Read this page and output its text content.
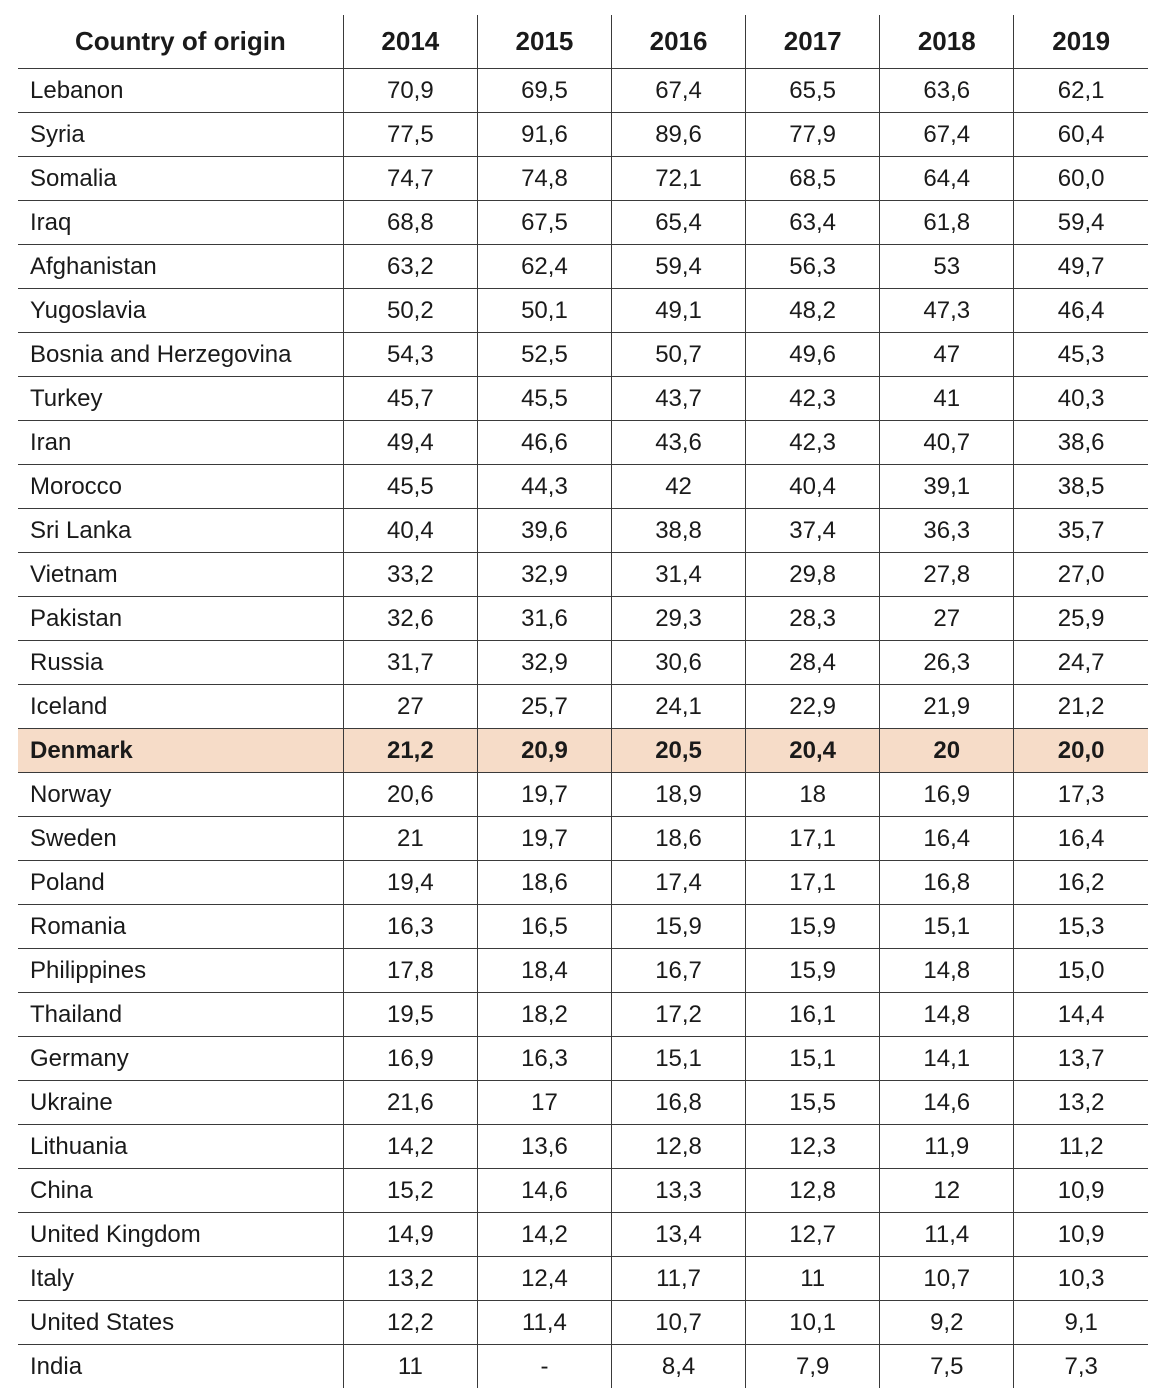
Country of origin	2014	2015	2016	2017	2018	2019
Lebanon	70,9	69,5	67,4	65,5	63,6	62,1
Syria	77,5	91,6	89,6	77,9	67,4	60,4
Somalia	74,7	74,8	72,1	68,5	64,4	60,0
Iraq	68,8	67,5	65,4	63,4	61,8	59,4
Afghanistan	63,2	62,4	59,4	56,3	53	49,7
Yugoslavia	50,2	50,1	49,1	48,2	47,3	46,4
Bosnia and Herzegovina	54,3	52,5	50,7	49,6	47	45,3
Turkey	45,7	45,5	43,7	42,3	41	40,3
Iran	49,4	46,6	43,6	42,3	40,7	38,6
Morocco	45,5	44,3	42	40,4	39,1	38,5
Sri Lanka	40,4	39,6	38,8	37,4	36,3	35,7
Vietnam	33,2	32,9	31,4	29,8	27,8	27,0
Pakistan	32,6	31,6	29,3	28,3	27	25,9
Russia	31,7	32,9	30,6	28,4	26,3	24,7
Iceland	27	25,7	24,1	22,9	21,9	21,2
Denmark	21,2	20,9	20,5	20,4	20	20,0
Norway	20,6	19,7	18,9	18	16,9	17,3
Sweden	21	19,7	18,6	17,1	16,4	16,4
Poland	19,4	18,6	17,4	17,1	16,8	16,2
Romania	16,3	16,5	15,9	15,9	15,1	15,3
Philippines	17,8	18,4	16,7	15,9	14,8	15,0
Thailand	19,5	18,2	17,2	16,1	14,8	14,4
Germany	16,9	16,3	15,1	15,1	14,1	13,7
Ukraine	21,6	17	16,8	15,5	14,6	13,2
Lithuania	14,2	13,6	12,8	12,3	11,9	11,2
China	15,2	14,6	13,3	12,8	12	10,9
United Kingdom	14,9	14,2	13,4	12,7	11,4	10,9
Italy	13,2	12,4	11,7	11	10,7	10,3
United States	12,2	11,4	10,7	10,1	9,2	9,1
India	11	-	8,4	7,9	7,5	7,3
